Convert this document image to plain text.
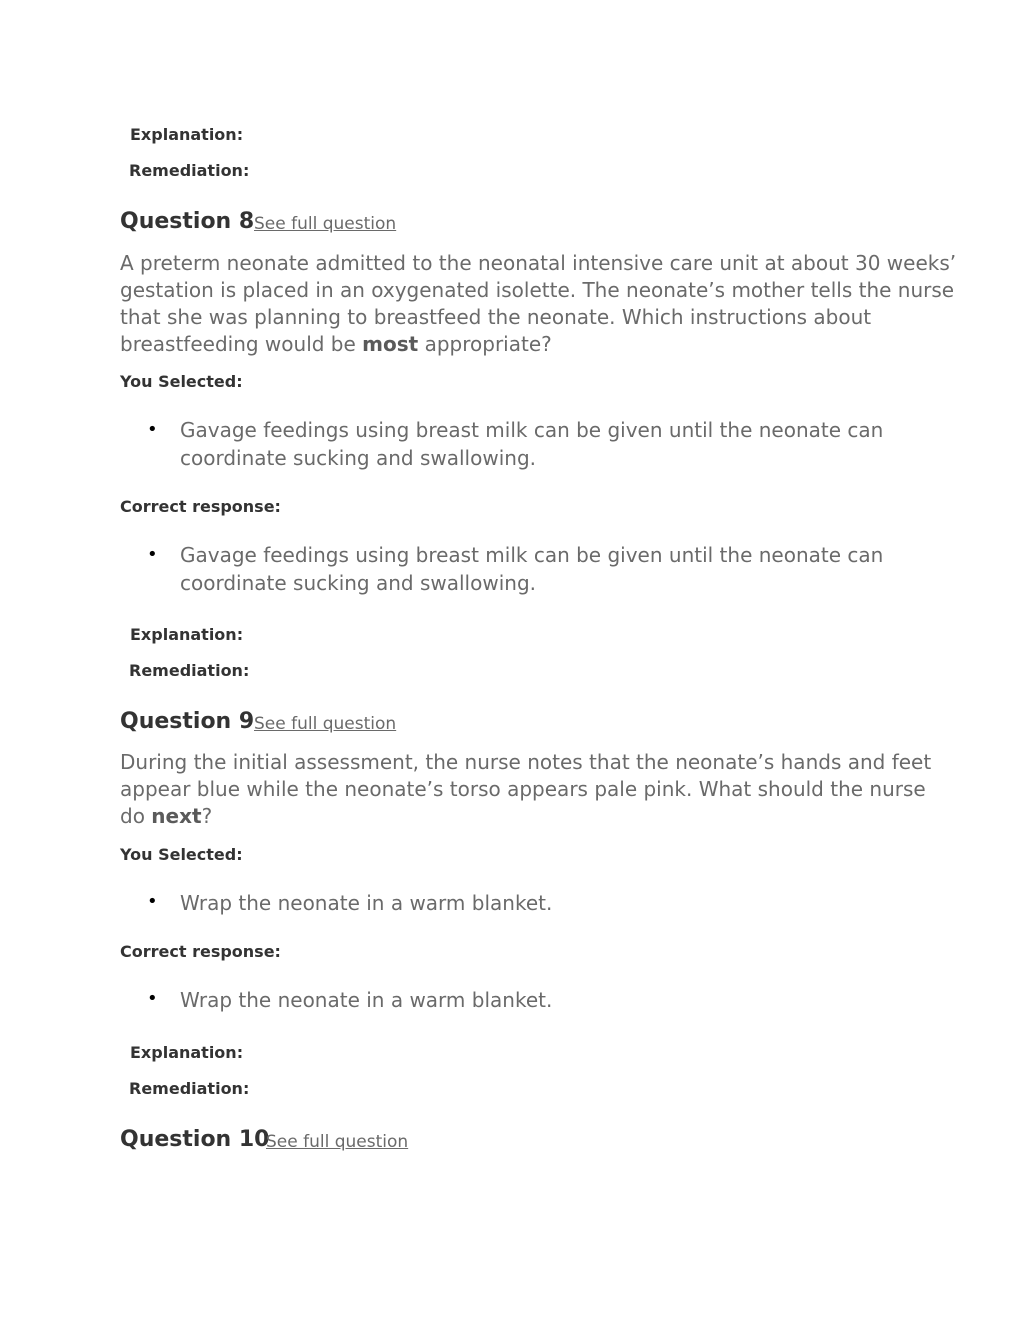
Explanation:
Remediation:
Question 8 See full question
A preterm neonate admitted to the neonatal intensive care unit at about 30 weeks’
gestation is placed in an oxygenated isolette. The neonate’s mother tells the nurse
that she was planning to breastfeed the neonate. Which instructions about
breastfeeding would be most appropriate?
You Selected:
• Gavage feedings using breast milk can be given until the neonate can
coordinate sucking and swallowing.
Correct response:
• Gavage feedings using breast milk can be given until the neonate can
coordinate sucking and swallowing.
Explanation:
Remediation:
Question 9 See full question
During the initial assessment, the nurse notes that the neonate’s hands and feet
appear blue while the neonate’s torso appears pale pink. What should the nurse
do next?
You Selected:
• Wrap the neonate in a warm blanket.
Correct response:
• Wrap the neonate in a warm blanket.
Explanation:
Remediation:
Question 10
See full question
